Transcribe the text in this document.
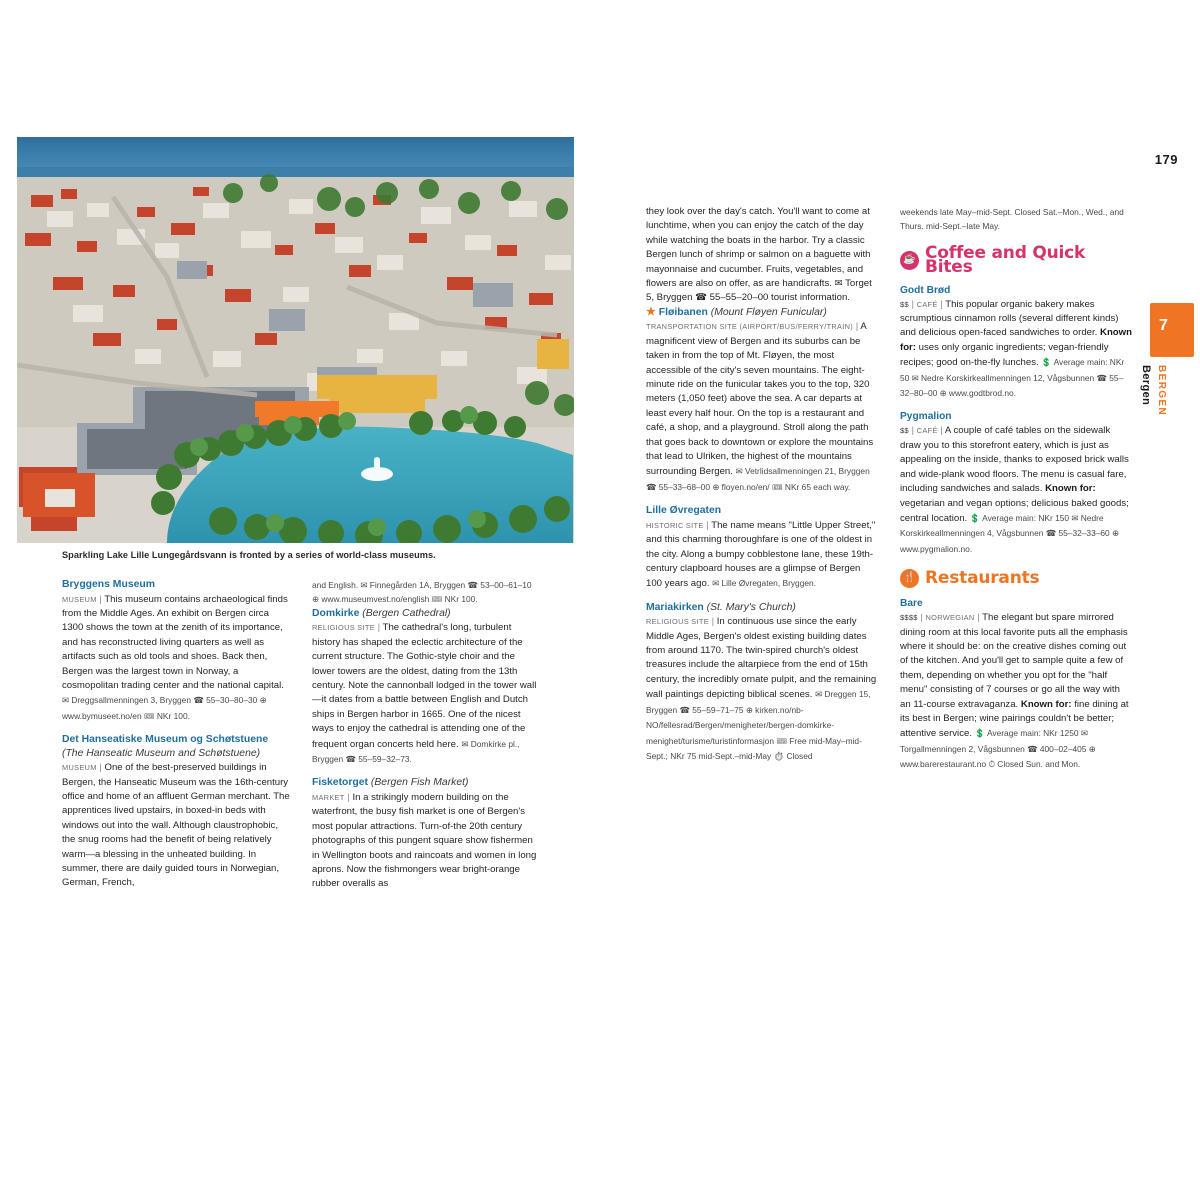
179
7
Bergen BERGEN
Sparkling Lake Lille Lungegårdsvann is fronted by a series of world-class museums.
Bryggens Museum

MUSEUM | This museum contains archaeological finds from the Middle Ages. An exhibit on Bergen circa 1300 shows the town at the zenith of its importance, and has reconstructed living quarters as well as artifacts such as old tools and shoes. Back then, Bergen was the largest town in Norway, a cosmopolitan trading center and the national capital. ✉ Dreggsallmenningen 3, Bryggen ☎ 55–30–80–30 ⊕ www.bymuseet.no/en 🎟 NKr 100.

Det Hanseatiske Museum og Schøtstuene (The Hanseatic Museum and Schøtstuene)

MUSEUM | One of the best-preserved buildings in Bergen, the Hanseatic Museum was the 16th-century office and home of an affluent German merchant. The apprentices lived upstairs, in boxed-in beds with windows out into the wall. Although claustrophobic, the snug rooms had the benefit of being relatively warm—a blessing in the unheated building. In summer, there are daily guided tours in Norwegian, German, French,

and English. ✉ Finnegården 1A, Bryggen ☎ 53–00–61–10 ⊕ www.museumvest.no/english 🎟 NKr 100.

Domkirke (Bergen Cathedral)

RELIGIOUS SITE | The cathedral's long, turbulent history has shaped the eclectic architecture of the current structure. The Gothic-style choir and the lower towers are the oldest, dating from the 13th century. Note the cannonball lodged in the tower wall—it dates from a battle between English and Dutch ships in Bergen harbor in 1665. One of the nicest ways to enjoy the cathedral is attending one of the frequent organ concerts held here. ✉ Domkirke pl., Bryggen ☎ 55–59–32–73.

Fisketorget (Bergen Fish Market)

MARKET | In a strikingly modern building on the waterfront, the busy fish market is one of Bergen's most popular attractions. Turn-of-the 20th century photographs of this pungent square show fishermen in Wellington boots and raincoats and women in long aprons. Now the fishmongers wear bright-orange rubber overalls as

they look over the day's catch. You'll want to come at lunchtime, when you can enjoy the catch of the day while watching the boats in the harbor. Try a classic Bergen lunch of shrimp or salmon on a baguette with mayonnaise and cucumber. Fruits, vegetables, and flowers are also on offer, as are handicrafts. ✉ Torget 5, Bryggen ☎ 55–55–20–00 tourist information.

★ Fløibanen (Mount Fløyen Funicular)

TRANSPORTATION SITE (AIRPORT/BUS/FERRY/TRAIN) | A magnificent view of Bergen and its suburbs can be taken in from the top of Mt. Fløyen, the most accessible of the city's seven mountains. The eight-minute ride on the funicular takes you to the top, 320 meters (1,050 feet) above the sea. A car departs at least every half hour. On the top is a restaurant and café, a shop, and a playground. Stroll along the path that goes back to downtown or explore the mountains that lead to Ulriken, the highest of the mountains surrounding Bergen. ✉ Vetrlidsallmenningen 21, Bryggen ☎ 55–33–68–00 ⊕ floyen.no/en/ 🎟 NKr 65 each way.

Lille Øvregaten

HISTORIC SITE | The name means "Little Upper Street," and this charming thoroughfare is one of the oldest in the city. Along a bumpy cobblestone lane, these 19th-century clapboard houses are a glimpse of Bergen 100 years ago. ✉ Lille Øvregaten, Bryggen.

Mariakirken (St. Mary's Church)

RELIGIOUS SITE | In continuous use since the early Middle Ages, Bergen's oldest existing building dates from around 1170. The twin-spired church's oldest treasures include the altarpiece from the end of 15th century, the incredibly ornate pulpit, and the remaining wall paintings depicting biblical scenes. ✉ Dreggen 15, Bryggen ☎ 55–59–71–75 ⊕ kirken.no/nb-NO/fellesrad/Bergen/menigheter/bergen-domkirke-menighet/turisme/turistinformasjon 🎟 Free mid-May–mid-Sept.; NKr 75 mid-Sept.–mid-May ⏱ Closed

weekends late May–mid-Sept. Closed Sat.–Mon., Wed., and Thurs. mid-Sept.–late May.

☕ Coffee and Quick Bites
Godt Brød

$$ | CAFÉ | This popular organic bakery makes scrumptious cinnamon rolls (several different kinds) and delicious open-faced sandwiches to order. Known for: uses only organic ingredients; vegan-friendly recipes; good on-the-fly lunches. 💲 Average main: NKr 50 ✉ Nedre Korskirkeallmenningen 12, Vågsbunnen ☎ 55–32–80–00 ⊕ www.godtbrod.no.

Pygmalion

$$ | CAFÉ | A couple of café tables on the sidewalk draw you to this storefront eatery, which is just as appealing on the inside, thanks to exposed brick walls and wide-plank wood floors. The menu is casual fare, including sandwiches and salads. Known for: vegetarian and vegan options; delicious baked goods; central location. 💲 Average main: NKr 150 ✉ Nedre Korskirkeallmenningen 4, Vågsbunnen ☎ 55–32–33–60 ⊕ www.pygmalion.no.

🍴 Restaurants
Bare

$$$$ | NORWEGIAN | The elegant but spare mirrored dining room at this local favorite puts all the emphasis where it should be: on the creative dishes coming out of the kitchen. And you'll get to sample quite a few of them, depending on whether you opt for the "half menu" consisting of 7 courses or go all the way with an 11-course extravaganza. Known for: fine dining at its best in Bergen; wine pairings couldn't be better; attentive service. 💲 Average main: NKr 1250 ✉ Torgallmenningen 2, Vågsbunnen ☎ 400–02–405 ⊕ www.barerestaurant.no ⏱ Closed Sun. and Mon.
